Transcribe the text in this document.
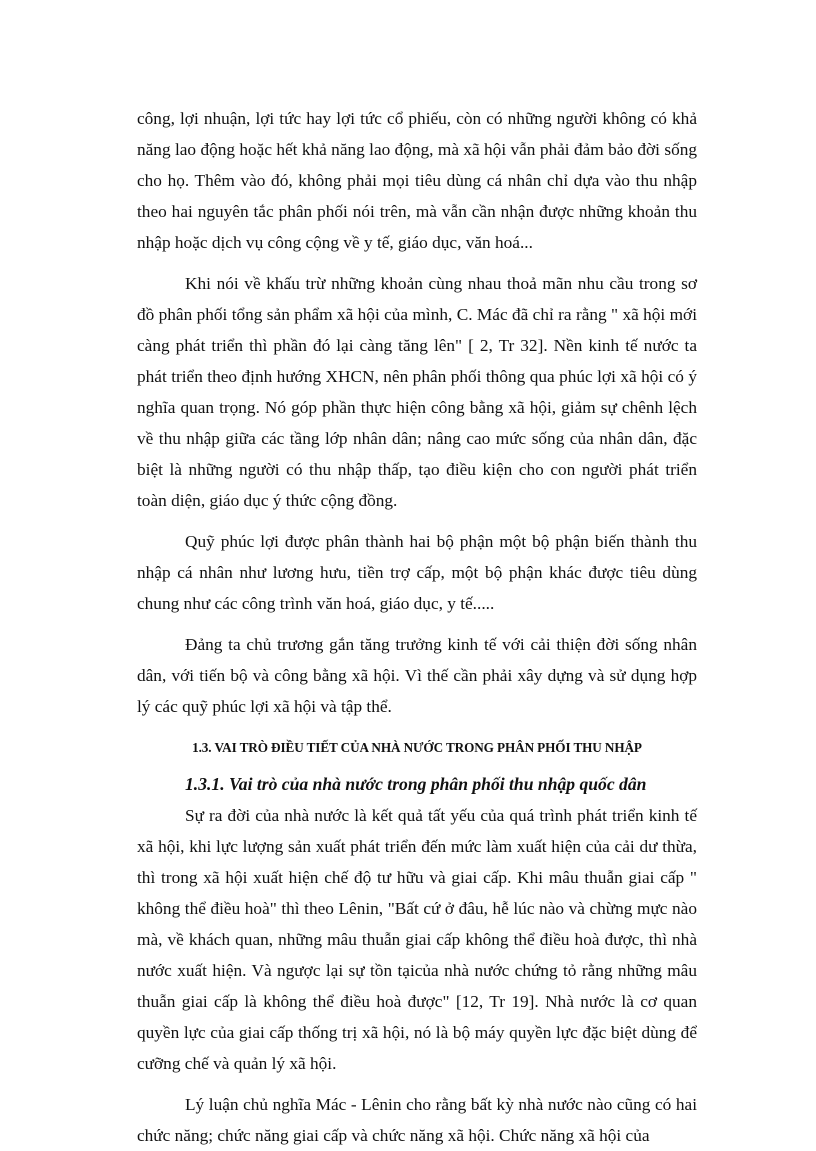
công, lợi nhuận, lợi tức hay lợi tức cổ phiếu, còn có những người không có khả năng lao động hoặc hết khả năng lao động, mà xã hội vẫn phải đảm bảo đời sống cho họ. Thêm vào đó, không phải mọi tiêu dùng cá nhân chỉ dựa vào thu nhập theo hai nguyên tắc phân phối nói trên, mà vẫn cần nhận được những khoản thu nhập hoặc dịch vụ công cộng về y tế, giáo dục, văn hoá...

Khi nói về khấu trừ những khoản cùng nhau thoả mãn nhu cầu trong sơ đồ phân phối tổng sản phẩm xã hội của mình, C. Mác đã chỉ ra rằng " xã hội mới càng phát triển thì phần đó lại càng tăng lên" [ 2, Tr 32]. Nền kinh tế nước ta phát triển theo định hướng XHCN, nên phân phối thông qua phúc lợi xã hội có ý nghĩa quan trọng. Nó góp phần thực hiện công bằng xã hội, giảm sự chênh lệch về thu nhập giữa các tầng lớp nhân dân; nâng cao mức sống của nhân dân, đặc biệt là những người có thu nhập thấp, tạo điều kiện cho con người phát triển toàn diện, giáo dục ý thức cộng đồng.

Quỹ phúc lợi được phân thành hai bộ phận một bộ phận biến thành thu nhập cá nhân như lương hưu, tiền trợ cấp, một bộ phận khác được tiêu dùng chung như các công trình văn hoá, giáo dục, y tế.....

Đảng ta chủ trương gắn tăng trưởng kinh tế với cải thiện đời sống nhân dân, với tiến bộ và công bằng xã hội. Vì thế cần phải xây dựng và sử dụng hợp lý các quỹ phúc lợi xã hội và tập thể.

1.3. VAI TRÒ ĐIỀU TIẾT CỦA NHÀ NƯỚC TRONG PHÂN PHỐI THU NHẬP
1.3.1. Vai trò của nhà nước trong phân phối thu nhập quốc dân

Sự ra đời của nhà nước là kết quả tất yếu của quá trình phát triển kinh tế xã hội, khi lực lượng sản xuất phát triển đến mức làm xuất hiện của cải dư thừa, thì trong xã hội xuất hiện chế độ tư hữu và giai cấp. Khi mâu thuẫn giai cấp " không thể điều hoà" thì theo Lênin, "Bất cứ ở đâu, hễ lúc nào và chừng mực nào mà, về khách quan, những mâu thuẫn giai cấp không thể điều hoà được, thì nhà nước xuất hiện. Và ngược lại sự tồn tạicủa nhà nước chứng tỏ rằng những mâu thuẫn giai cấp là không thể điều hoà được" [12, Tr 19]. Nhà nước là cơ quan quyền lực của giai cấp thống trị xã hội, nó là bộ máy quyền lực đặc biệt dùng để cưỡng chế và quản lý xã hội.

Lý luận chủ nghĩa Mác - Lênin cho rằng bất kỳ nhà nước nào cũng có hai chức năng; chức năng giai cấp và chức năng xã hội. Chức năng xã hội của
